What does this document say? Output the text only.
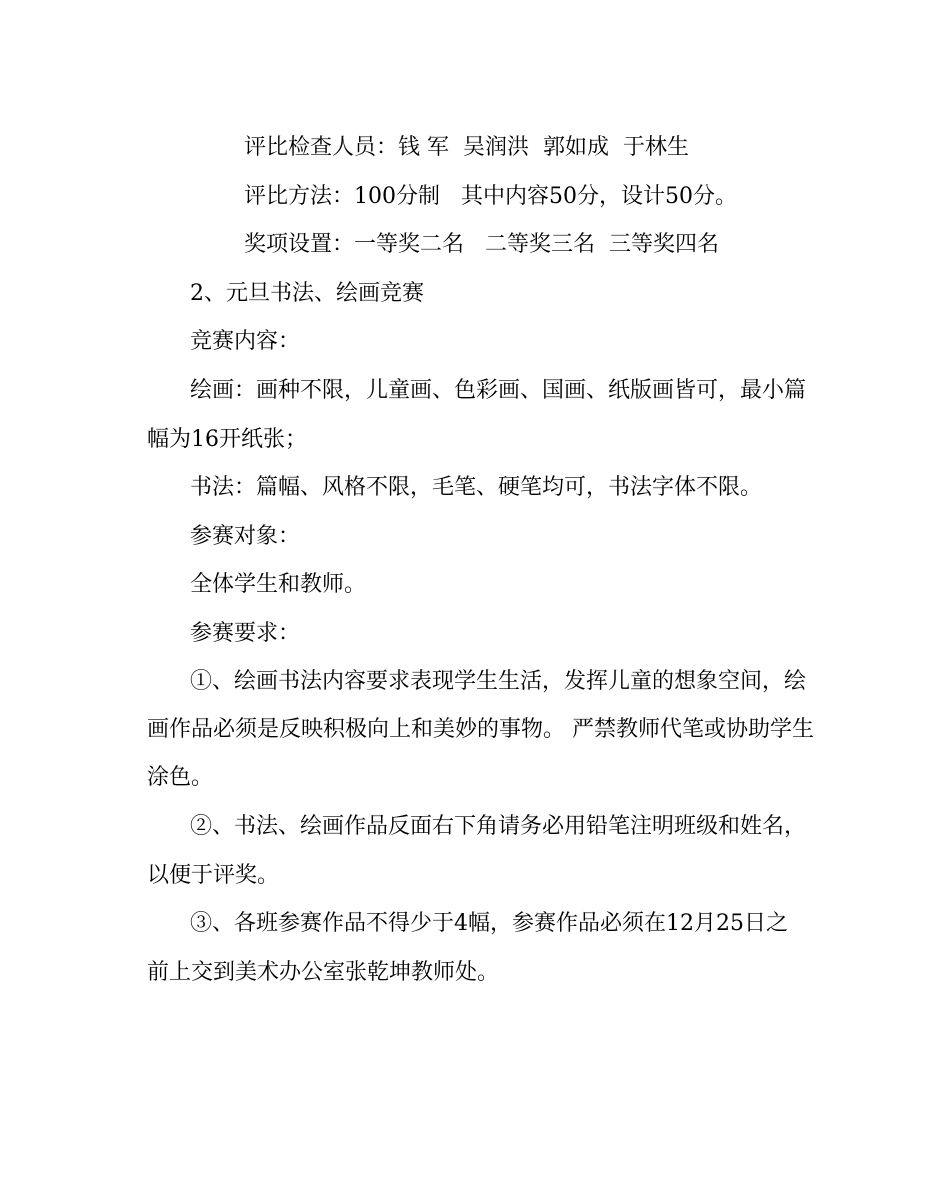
评比检查人员：钱 军  吴润洪  郭如成  于林生
评比方法：100分制   其中内容50分，设计50分。
奖项设置：一等奖二名   二等奖三名  三等奖四名
2、元旦书法、绘画竞赛
竞赛内容：
绘画：画种不限，儿童画、色彩画、国画、纸版画皆可，最小篇
幅为16开纸张；
书法：篇幅、风格不限，毛笔、硬笔均可，书法字体不限。
参赛对象：
全体学生和教师。
参赛要求：
①、绘画书法内容要求表现学生生活，发挥儿童的想象空间，绘
画作品必须是反映积极向上和美妙的事物。 严禁教师代笔或协助学生
涂色。
②、书法、绘画作品反面右下角请务必用铅笔注明班级和姓名，
以便于评奖。
③、各班参赛作品不得少于4幅，参赛作品必须在12月25日之
前上交到美术办公室张乾坤教师处。
